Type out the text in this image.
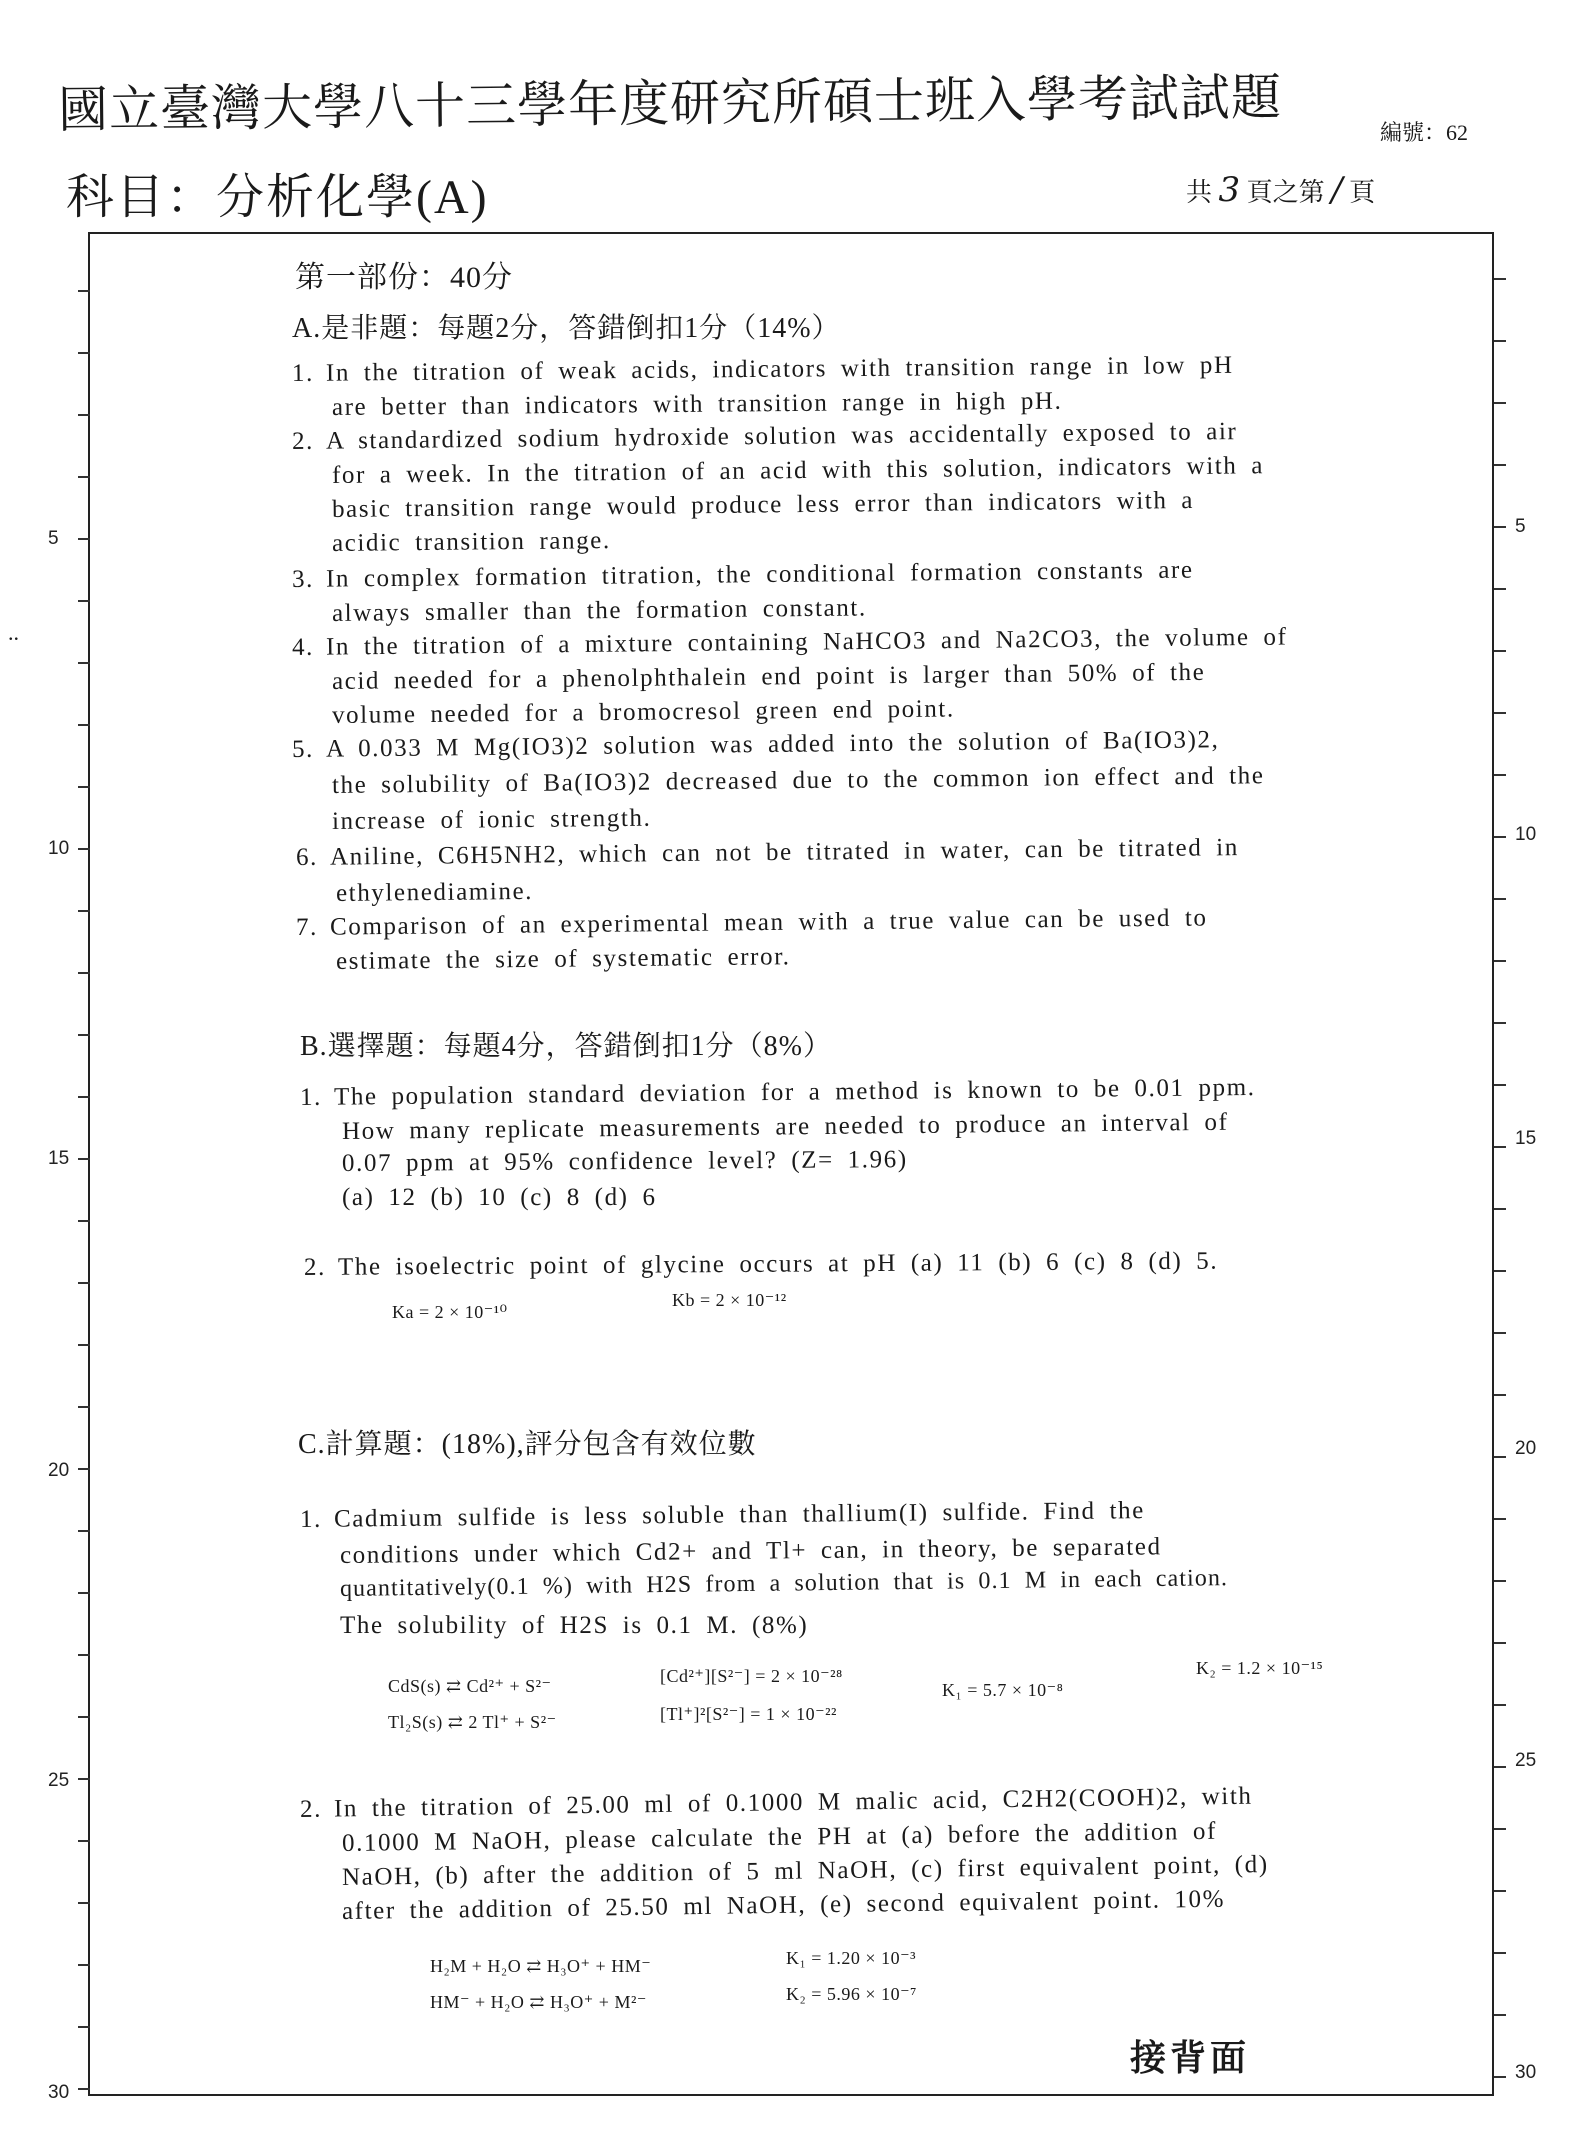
國立臺灣大學八十三學年度研究所碩士班入學考試試題	編號：62
科目：分析化學(A)	共 3 頁之第 / 頁
5
10
15
20
25
30
5
10
15
20
25
30
..
第一部份：40分
A.是非題：每題2分，答錯倒扣1分（14%）
1. In the titration of weak acids, indicators with transition range in low pH
are better than indicators with transition range in high pH.
2. A standardized sodium hydroxide solution was accidentally exposed to air
for a week. In the titration of an acid with this solution, indicators with a
basic transition range would produce less error than indicators with a
acidic transition range.
3. In complex formation titration, the conditional formation constants are
always smaller than the formation constant.
4. In the titration of a mixture containing NaHCO3 and Na2CO3, the volume of
acid needed for a phenolphthalein end point is larger than 50% of the
volume needed for a bromocresol green end point.
5. A 0.033 M Mg(IO3)2 solution was added into the solution of Ba(IO3)2,
the solubility of Ba(IO3)2 decreased due to the common ion effect and the
increase of ionic strength.
6. Aniline, C6H5NH2, which can not be titrated in water, can be titrated in
ethylenediamine.
7. Comparison of an experimental mean with a true value can be used to
estimate the size of systematic error.
B.選擇題：每題4分，答錯倒扣1分（8%）
1. The population standard deviation for a method is known to be 0.01 ppm.
How many replicate measurements are needed to produce an interval of
0.07 ppm at 95% confidence level? (Z= 1.96)
(a) 12 (b) 10 (c) 8 (d) 6
2. The isoelectric point of glycine occurs at pH (a) 11 (b) 6 (c) 8 (d) 5.
Ka = 2 × 10⁻¹⁰
Kb = 2 × 10⁻¹²
C.計算題：(18%),評分包含有效位數
1. Cadmium sulfide is less soluble than thallium(I) sulfide. Find the
conditions under which Cd2+ and Tl+ can, in theory, be separated
quantitatively(0.1 %) with H2S from a solution that is 0.1 M in each cation.
The solubility of H2S is 0.1 M. (8%)
CdS(s) ⇄ Cd²⁺ + S²⁻	[Cd²⁺][S²⁻] = 2 × 10⁻²⁸
K₁ = 5.7 × 10⁻⁸
K₂ = 1.2 × 10⁻¹⁵
Tl₂S(s) ⇄ 2 Tl⁺ + S²⁻	[Tl⁺]²[S²⁻] = 1 × 10⁻²²
2. In the titration of 25.00 ml of 0.1000 M malic acid, C2H2(COOH)2, with
0.1000 M NaOH, please calculate the PH at (a) before the addition of
NaOH, (b) after the addition of 5 ml NaOH, (c) first equivalent point, (d)
after the addition of 25.50 ml NaOH, (e) second equivalent point. 10%
H₂M + H₂O ⇄ H₃O⁺ + HM⁻	K₁ = 1.20 × 10⁻³
HM⁻ + H₂O ⇄ H₃O⁺ + M²⁻	K₂ = 5.96 × 10⁻⁷
接背面
